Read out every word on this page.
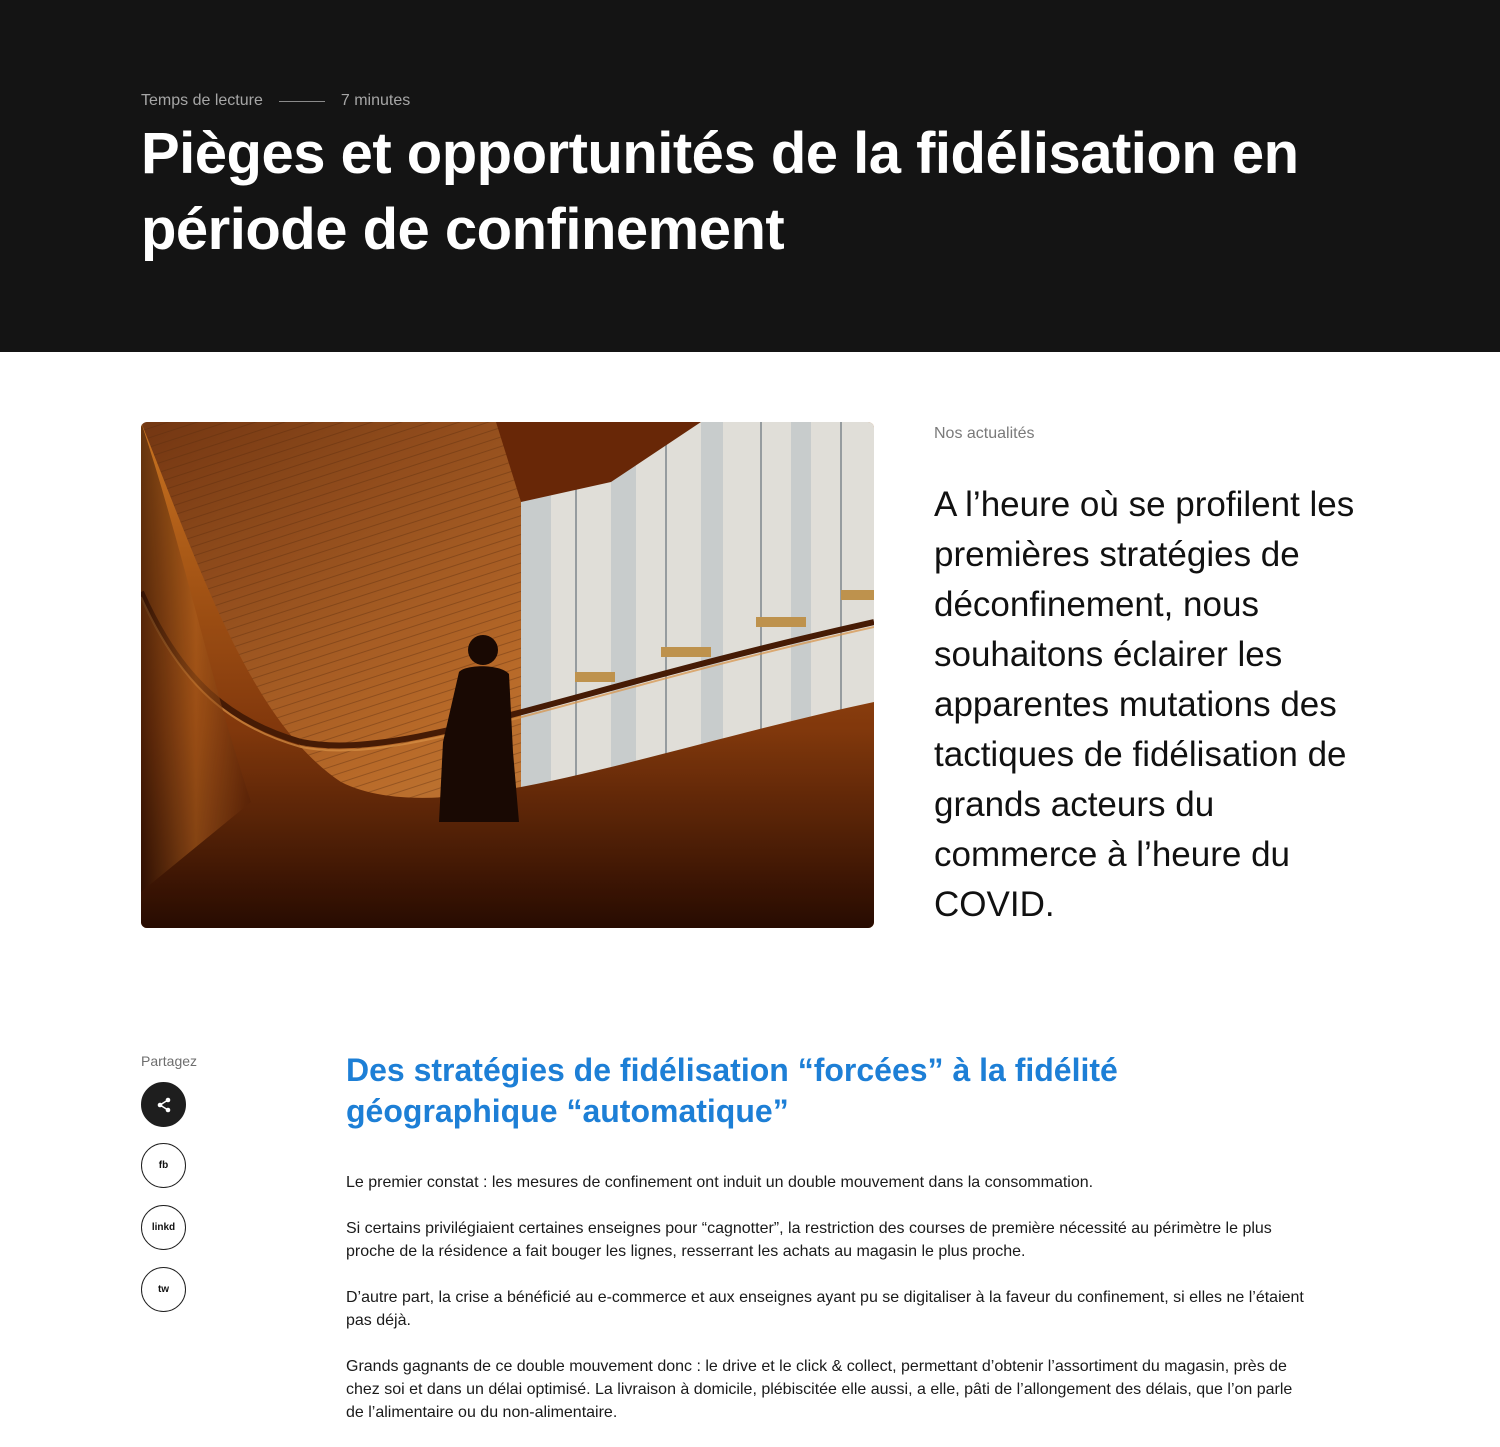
Temps de lecture	7 minutes
Pièges et opportunités de la fidélisation en période de confinement
Nos actualités

A l’heure où se profilent les premières stratégies de déconfinement, nous souhaitons éclairer les apparentes mutations des tactiques de fidélisation de grands acteurs du commerce à l’heure du COVID.

Partagez
fb
linkd
tw
Des stratégies de fidélisation “forcées” à la fidélité géographique “automatique”

Le premier constat : les mesures de confinement ont induit un double mouvement dans la consommation.

Si certains privilégiaient certaines enseignes pour “cagnotter”, la restriction des courses de première nécessité au périmètre le plus proche de la résidence a fait bouger les lignes, resserrant les achats au magasin le plus proche.

D’autre part, la crise a bénéficié au e-commerce et aux enseignes ayant pu se digitaliser à la faveur du confinement, si elles ne l’étaient pas déjà.

Grands gagnants de ce double mouvement donc : le drive et le click & collect, permettant d’obtenir l’assortiment du magasin, près de chez soi et dans un délai optimisé. La livraison à domicile, plébiscitée elle aussi, a elle, pâti de l’allongement des délais, que l’on parle de l’alimentaire ou du non-alimentaire.
